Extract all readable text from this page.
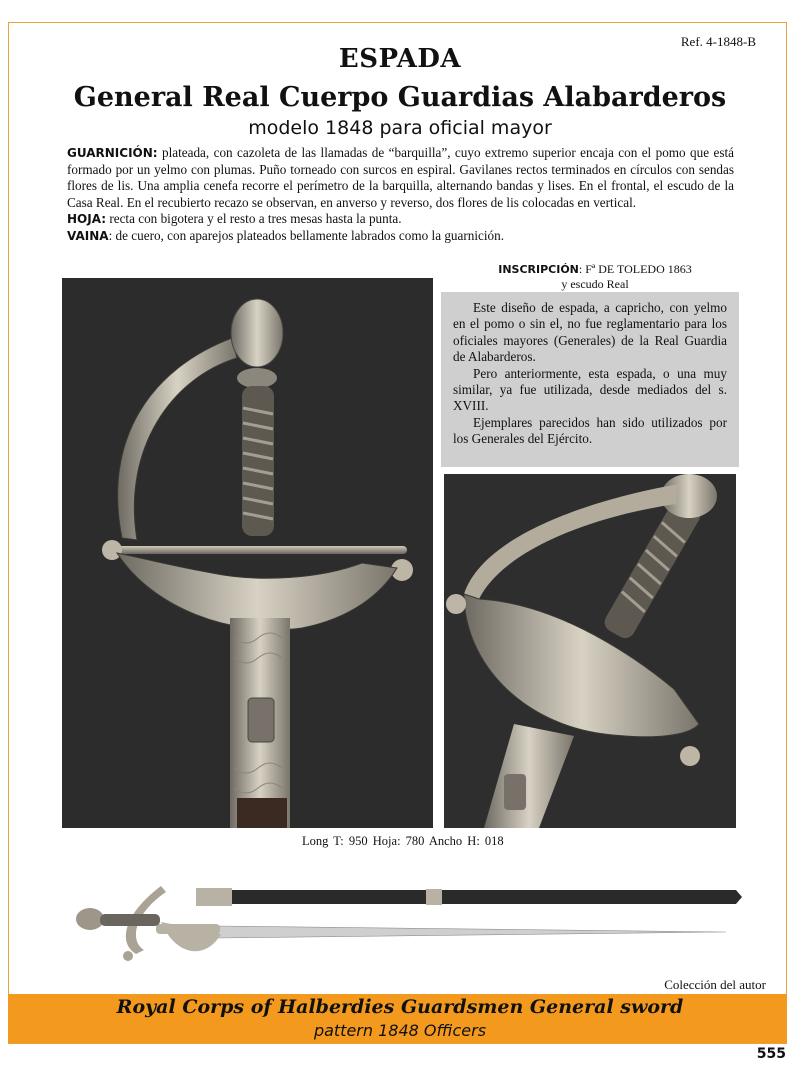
Ref. 4-1848-B
ESPADA
General Real Cuerpo Guardias Alabarderos
modelo 1848 para oficial mayor

GUARNICIÓN: plateada, con cazoleta de las llamadas de “barquilla”, cuyo extremo superior encaja con el pomo que está formado por un yelmo con plumas. Puño torneado con surcos en espiral. Gavilanes rectos terminados en círculos con sendas flores de lis. Una amplia cenefa recorre el perímetro de la barquilla, alternando bandas y lises. En el frontal, el escudo de la Casa Real. En el recubierto recazo se observan, en anverso y reverso, dos flores de lis colocadas en vertical.

HOJA: recta con bigotera y el resto a tres mesas hasta la punta.

VAINA: de cuero, con aparejos plateados bellamente labrados como la guarnición.

INSCRIPCIÓN: Fª DE TOLEDO 1863
y escudo Real

Este diseño de espada, a capricho, con yelmo en el pomo o sin el, no fue reglamentario para los oficiales mayores (Generales) de la Real Guardia de Alabarderos.

Pero anteriormente, esta espada, o una muy similar, ya fue utilizada, desde mediados del s. XVIII.

Ejemplares parecidos han sido utilizados por los Generales del Ejército.

Long T: 950 Hoja: 780 Ancho H: 018
Colección del autor
Royal Corps of Halberdies Guardsmen General sword
pattern 1848 Officers
555
